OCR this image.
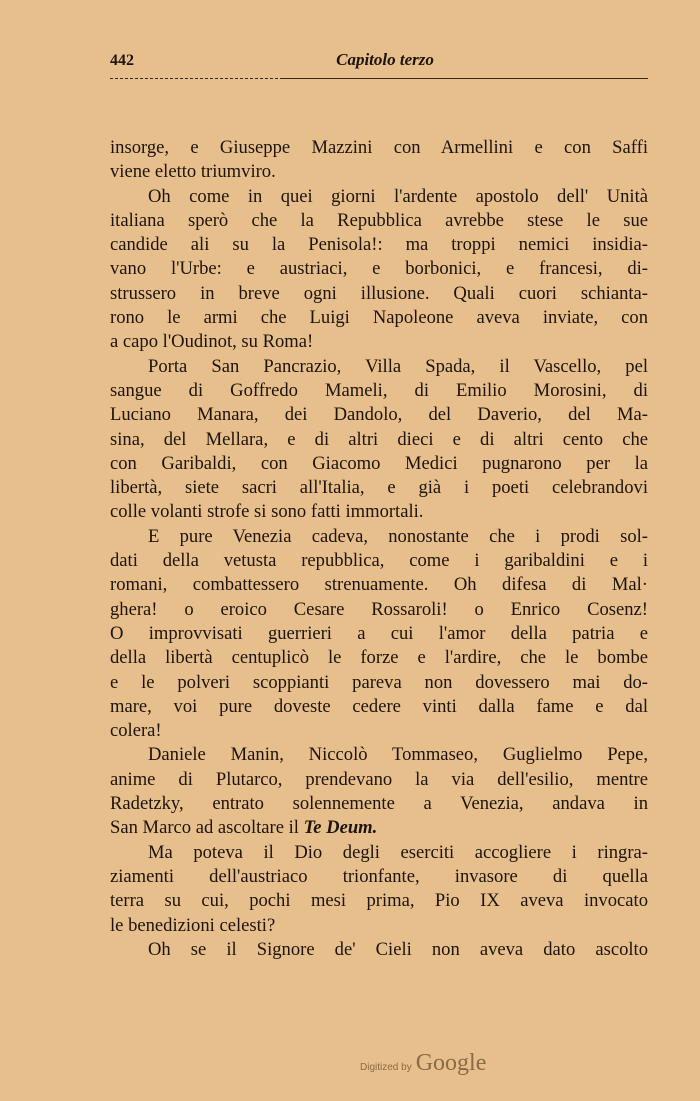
442	Capitolo terzo
insorge, e Giuseppe Mazzini con Armellini e con Saffi
viene eletto triumviro.
Oh come in quei giorni l'ardente apostolo dell' Unità
italiana sperò che la Repubblica avrebbe stese le sue
candide ali su la Penisola!: ma troppi nemici insidia-
vano l'Urbe: e austriaci, e borbonici, e francesi, di-
strussero in breve ogni illusione. Quali cuori schianta-
rono le armi che Luigi Napoleone aveva inviate, con
a capo l'Oudinot, su Roma!
Porta San Pancrazio, Villa Spada, il Vascello, pel
sangue di Goffredo Mameli, di Emilio Morosini, di
Luciano Manara, dei Dandolo, del Daverio, del Ma-
sina, del Mellara, e di altri dieci e di altri cento che
con Garibaldi, con Giacomo Medici pugnarono per la
libertà, siete sacri all'Italia, e già i poeti celebrandovi
colle volanti strofe si sono fatti immortali.
E pure Venezia cadeva, nonostante che i prodi sol-
dati della vetusta repubblica, come i garibaldini e i
romani, combattessero strenuamente. Oh difesa di Mal·
ghera! o eroico Cesare Rossaroli! o Enrico Cosenz!
O improvvisati guerrieri a cui l'amor della patria e
della libertà centuplicò le forze e l'ardire, che le bombe
e le polveri scoppianti pareva non dovessero mai do-
mare, voi pure doveste cedere vinti dalla fame e dal
colera!
Daniele Manin, Niccolò Tommaseo, Guglielmo Pepe,
anime di Plutarco, prendevano la via dell'esilio, mentre
Radetzky, entrato solennemente a Venezia, andava in
San Marco ad ascoltare il Te Deum.
Ma poteva il Dio degli eserciti accogliere i ringra-
ziamenti dell'austriaco trionfante, invasore di quella
terra su cui, pochi mesi prima, Pio IX aveva invocato
le benedizioni celesti?
Oh se il Signore de' Cieli non aveva dato ascolto
Digitized by Google
